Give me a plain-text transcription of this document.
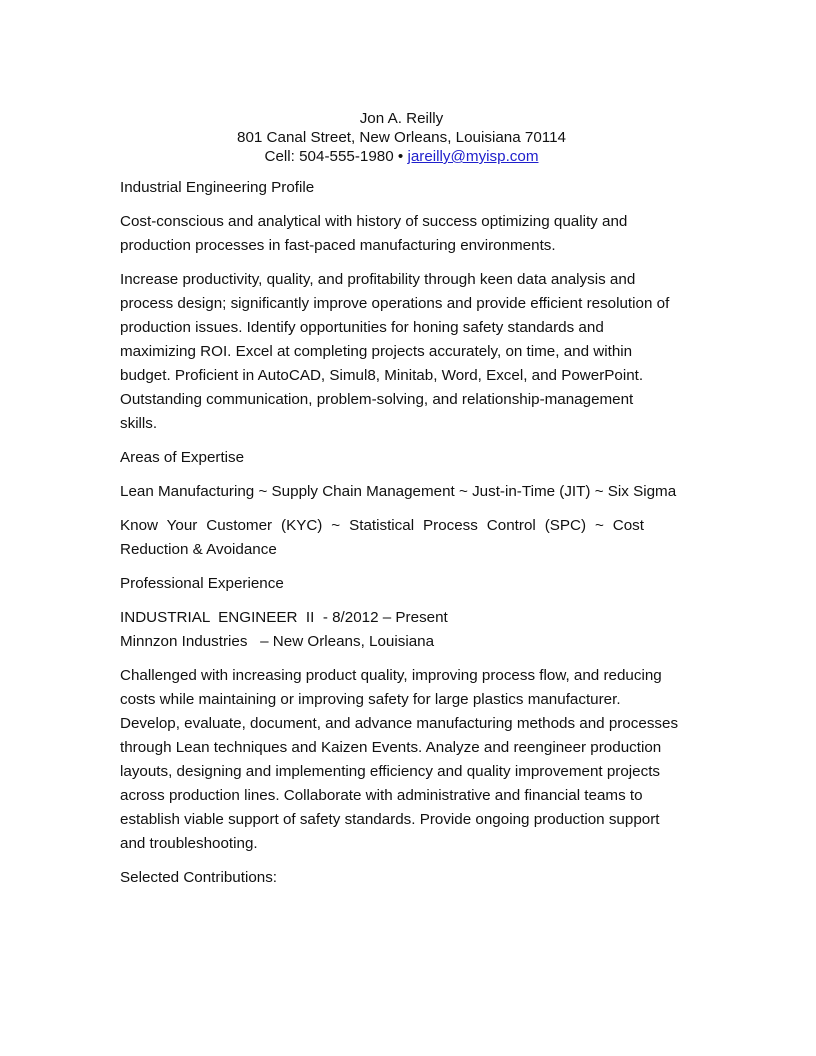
Jon A. Reilly
801 Canal Street, New Orleans, Louisiana 70114
Cell: 504-555-1980 • jareilly@myisp.com
Industrial Engineering Profile
Cost-conscious and analytical with history of success optimizing quality and production processes in fast-paced manufacturing environments.
Increase productivity, quality, and profitability through keen data analysis and process design; significantly improve operations and provide efficient resolution of production issues. Identify opportunities for honing safety standards and maximizing ROI. Excel at completing projects accurately, on time, and within budget. Proficient in AutoCAD, Simul8, Minitab, Word, Excel, and PowerPoint. Outstanding communication, problem-solving, and relationship-management skills.
Areas of Expertise
Lean Manufacturing ~ Supply Chain Management ~ Just-in-Time (JIT) ~ Six Sigma
Know Your Customer (KYC) ~ Statistical Process Control (SPC) ~ Cost Reduction & Avoidance
Professional Experience
INDUSTRIAL  ENGINEER  II  - 8/2012 – Present
Minnzon Industries   – New Orleans, Louisiana
Challenged with increasing product quality, improving process flow, and reducing costs while maintaining or improving safety for large plastics manufacturer. Develop, evaluate, document, and advance manufacturing methods and processes through Lean techniques and Kaizen Events. Analyze and reengineer production layouts, designing and implementing efficiency and quality improvement projects across production lines. Collaborate with administrative and financial teams to establish viable support of safety standards. Provide ongoing production support and troubleshooting.
Selected Contributions:
